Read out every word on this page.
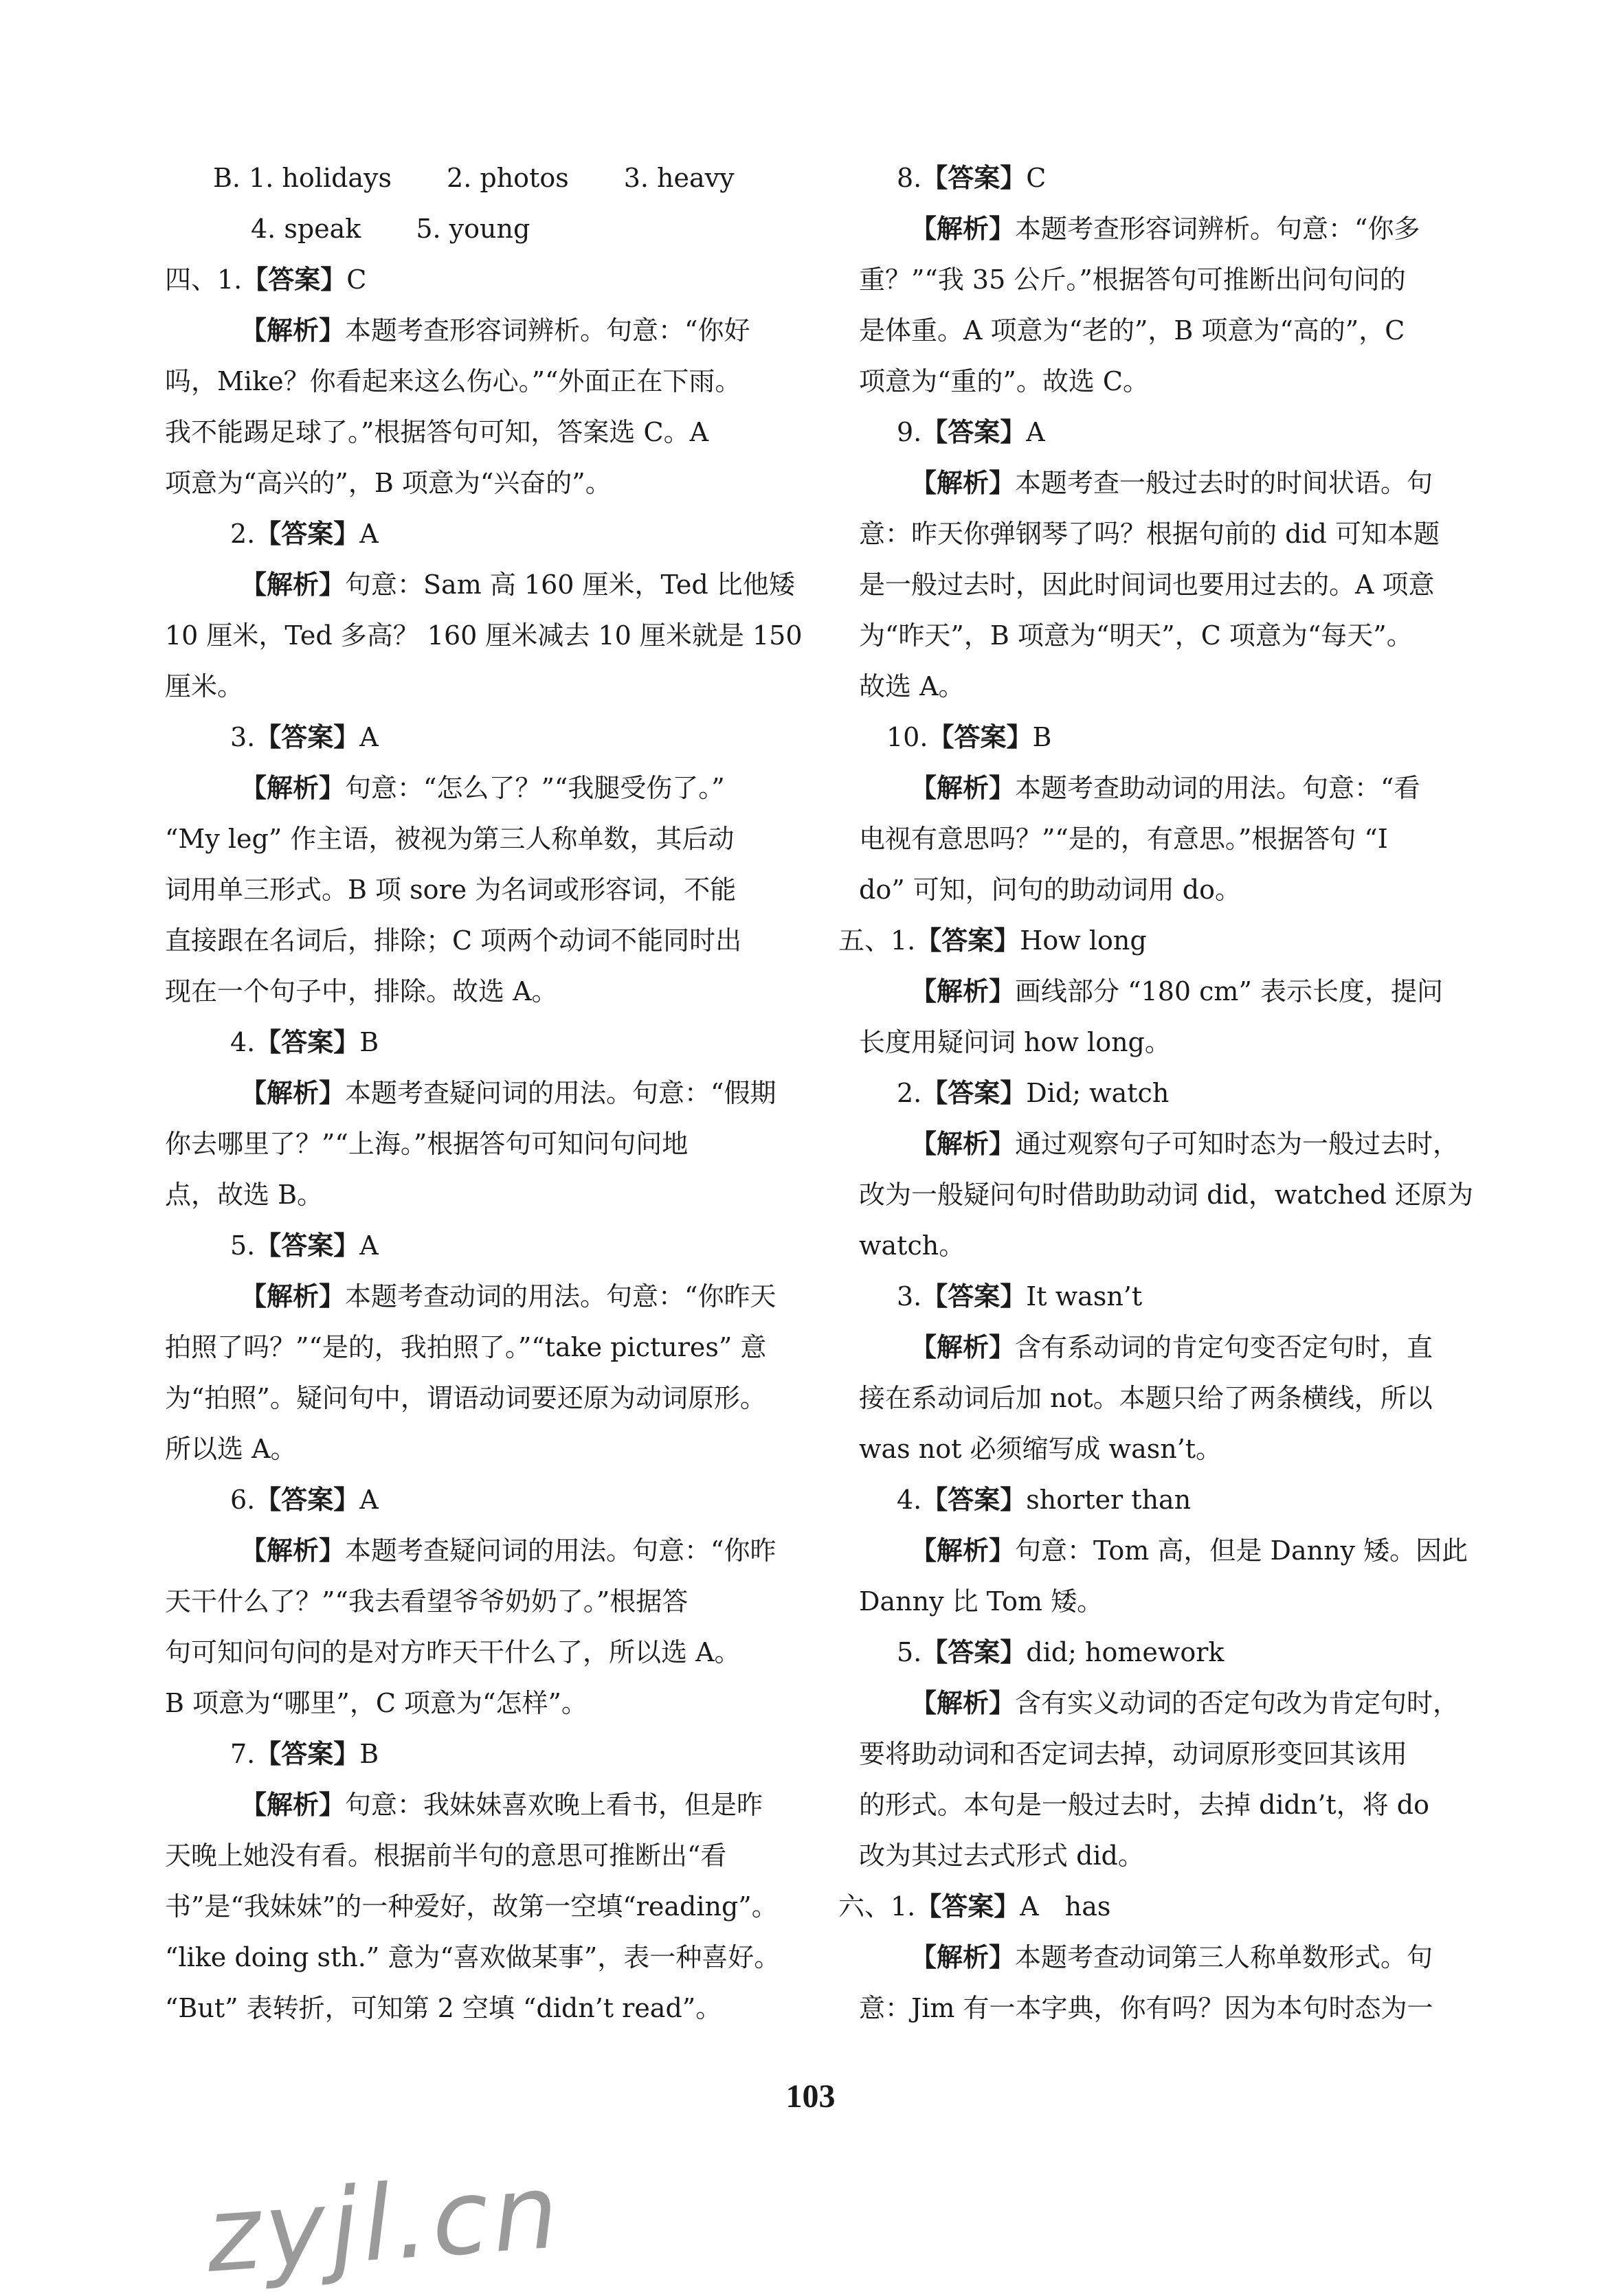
B. 1. holidays 2. photos 3. heavy

4. speak 5. young

四、1.【答案】C

【解析】本题考查形容词辨析。句意：“你好

吗，Mike？你看起来这么伤心。”“外面正在下雨。

我不能踢足球了。”根据答句可知，答案选 C。A

项意为“高兴的”，B 项意为“兴奋的”。

2.【答案】A

【解析】句意：Sam 高 160 厘米，Ted 比他矮

10 厘米，Ted 多高？ 160 厘米减去 10 厘米就是 150

厘米。

3.【答案】A

【解析】句意：“怎么了？”“我腿受伤了。”

“My leg” 作主语，被视为第三人称单数，其后动

词用单三形式。B 项 sore 为名词或形容词，不能

直接跟在名词后，排除；C 项两个动词不能同时出

现在一个句子中，排除。故选 A。

4.【答案】B

【解析】本题考查疑问词的用法。句意：“假期

你去哪里了？”“上海。”根据答句可知问句问地

点，故选 B。

5.【答案】A

【解析】本题考查动词的用法。句意：“你昨天

拍照了吗？”“是的，我拍照了。”“take pictures” 意

为“拍照”。疑问句中，谓语动词要还原为动词原形。

所以选 A。

6.【答案】A

【解析】本题考查疑问词的用法。句意：“你昨

天干什么了？”“我去看望爷爷奶奶了。”根据答

句可知问句问的是对方昨天干什么了，所以选 A。

B 项意为“哪里”，C 项意为“怎样”。

7.【答案】B

【解析】句意：我妹妹喜欢晚上看书，但是昨

天晚上她没有看。根据前半句的意思可推断出“看

书”是“我妹妹”的一种爱好，故第一空填“reading”。

“like doing sth.” 意为“喜欢做某事”，表一种喜好。

“But” 表转折，可知第 2 空填 “didn’t read”。

8.【答案】C

【解析】本题考查形容词辨析。句意：“你多

重？”“我 35 公斤。”根据答句可推断出问句问的

是体重。A 项意为“老的”，B 项意为“高的”，C

项意为“重的”。故选 C。

9.【答案】A

【解析】本题考查一般过去时的时间状语。句

意：昨天你弹钢琴了吗？根据句前的 did 可知本题

是一般过去时，因此时间词也要用过去的。A 项意

为“昨天”，B 项意为“明天”，C 项意为“每天”。

故选 A。

10.【答案】B

【解析】本题考查助动词的用法。句意：“看

电视有意思吗？”“是的，有意思。”根据答句 “I

do” 可知，问句的助动词用 do。

五、1.【答案】How long

【解析】画线部分 “180 cm” 表示长度，提问

长度用疑问词 how long。

2.【答案】Did; watch

【解析】通过观察句子可知时态为一般过去时，

改为一般疑问句时借助助动词 did，watched 还原为

watch。

3.【答案】It wasn’t

【解析】含有系动词的肯定句变否定句时，直

接在系动词后加 not。本题只给了两条横线，所以

was not 必须缩写成 wasn’t。

4.【答案】shorter than

【解析】句意：Tom 高，但是 Danny 矮。因此

Danny 比 Tom 矮。

5.【答案】did; homework

【解析】含有实义动词的否定句改为肯定句时，

要将助动词和否定词去掉，动词原形变回其该用

的形式。本句是一般过去时，去掉 didn’t，将 do

改为其过去式形式 did。

六、1.【答案】A　has

【解析】本题考查动词第三人称单数形式。句

意：Jim 有一本字典，你有吗？因为本句时态为一

103
zyjl.cn
